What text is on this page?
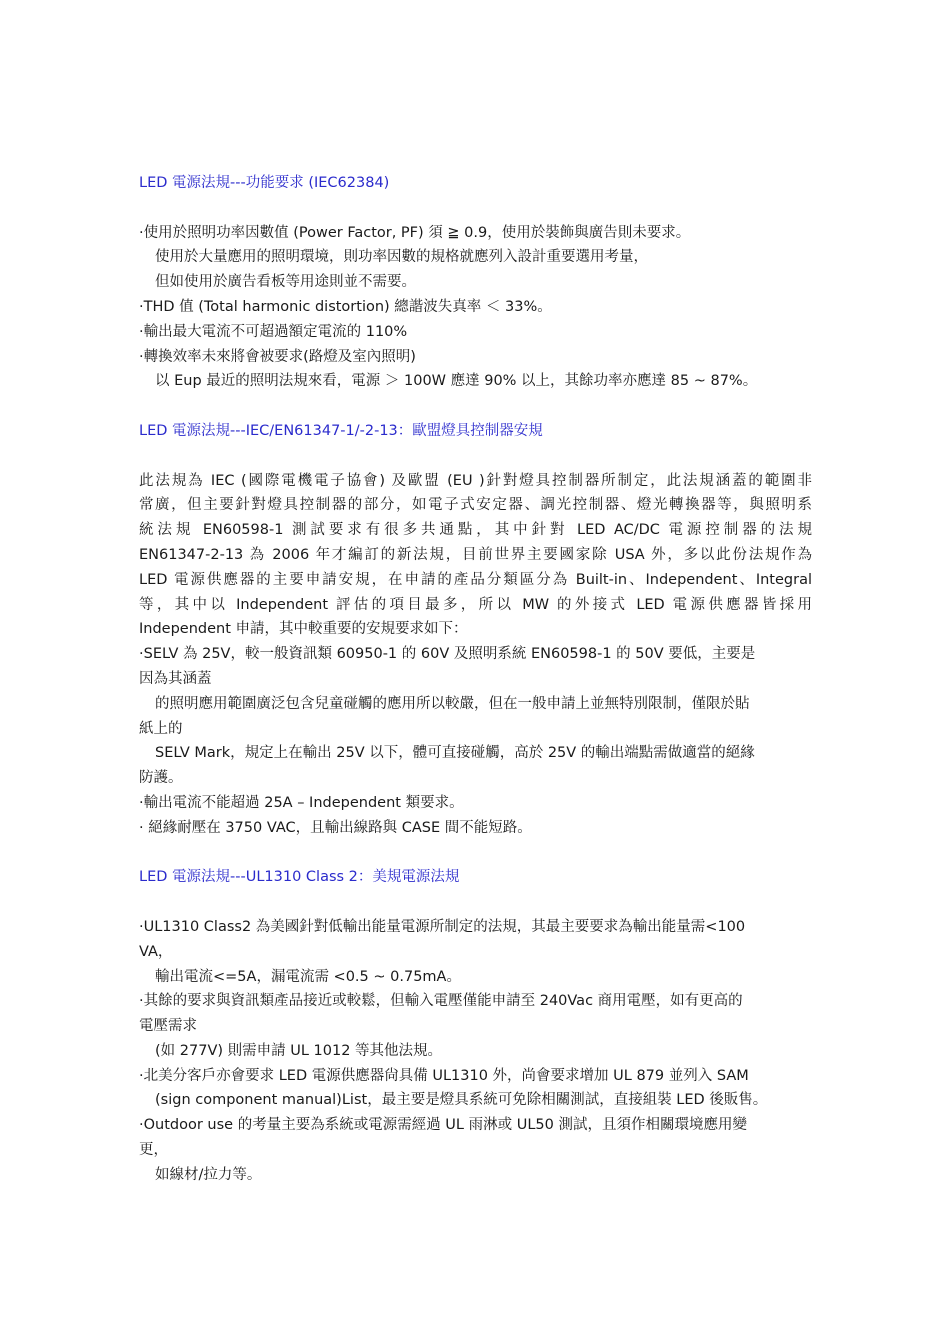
LED 電源法規---功能要求 (IEC62384)
·使用於照明功率因數值 (Power Factor, PF) 須 ≧ 0.9，使用於裝飾與廣告則未要求。
使用於大量應用的照明環境，則功率因數的規格就應列入設計重要選用考量，
但如使用於廣告看板等用途則並不需要。
·THD 值 (Total harmonic distortion) 總諧波失真率 ＜ 33%。
·輸出最大電流不可超過額定電流的 110%
·轉換效率未來將會被要求(路燈及室內照明)
以 Eup 最近的照明法規來看，電源 ＞ 100W 應達 90% 以上，其餘功率亦應達 85 ~ 87%。
LED 電源法規---IEC/EN61347-1/-2-13：歐盟燈具控制器安規
此法規為 IEC (國際電機電子協會) 及歐盟 (EU )針對燈具控制器所制定，此法規涵蓋的範圍非
常廣，但主要針對燈具控制器的部分，如電子式安定器、調光控制器、燈光轉換器等，與照明系
統法規 EN60598-1 測試要求有很多共通點，其中針對 LED AC/DC 電源控制器的法規
EN61347-2-13 為 2006 年才編訂的新法規，目前世界主要國家除 USA 外，多以此份法規作為
LED 電源供應器的主要申請安規，在申請的產品分類區分為 Built-in、Independent、Integral
等，其中以 Independent 評估的項目最多，所以 MW 的外接式 LED 電源供應器皆採用
Independent 申請，其中較重要的安規要求如下：
·SELV 為 25V，較一般資訊類 60950-1 的 60V 及照明系統 EN60598-1 的 50V 要低，主要是
因為其涵蓋
的照明應用範圍廣泛包含兒童碰觸的應用所以較嚴，但在一般申請上並無特別限制，僅限於貼
紙上的
SELV Mark，規定上在輸出 25V 以下，體可直接碰觸，高於 25V 的輸出端點需做適當的絕緣
防護。
·輸出電流不能超過 25A – Independent 類要求。
· 絕緣耐壓在 3750 VAC，且輸出線路與 CASE 間不能短路。
LED 電源法規---UL1310 Class 2：美規電源法規
·UL1310 Class2 為美國針對低輸出能量電源所制定的法規，其最主要要求為輸出能量需<100
VA，
輸出電流<=5A，漏電流需 <0.5 ~ 0.75mA。
·其餘的要求與資訊類產品接近或較鬆，但輸入電壓僅能申請至 240Vac 商用電壓，如有更高的
電壓需求
(如 277V) 則需申請 UL 1012 等其他法規。
·北美分客戶亦會要求 LED 電源供應器尙具備 UL1310 外，尚會要求增加 UL 879 並列入 SAM
(sign component manual)List，最主要是燈具系統可免除相關測試，直接組裝 LED 後販售。
·Outdoor use 的考量主要為系統或電源需經過 UL 雨淋或 UL50 測試，且須作相關環境應用變
更，
如線材/拉力等。
